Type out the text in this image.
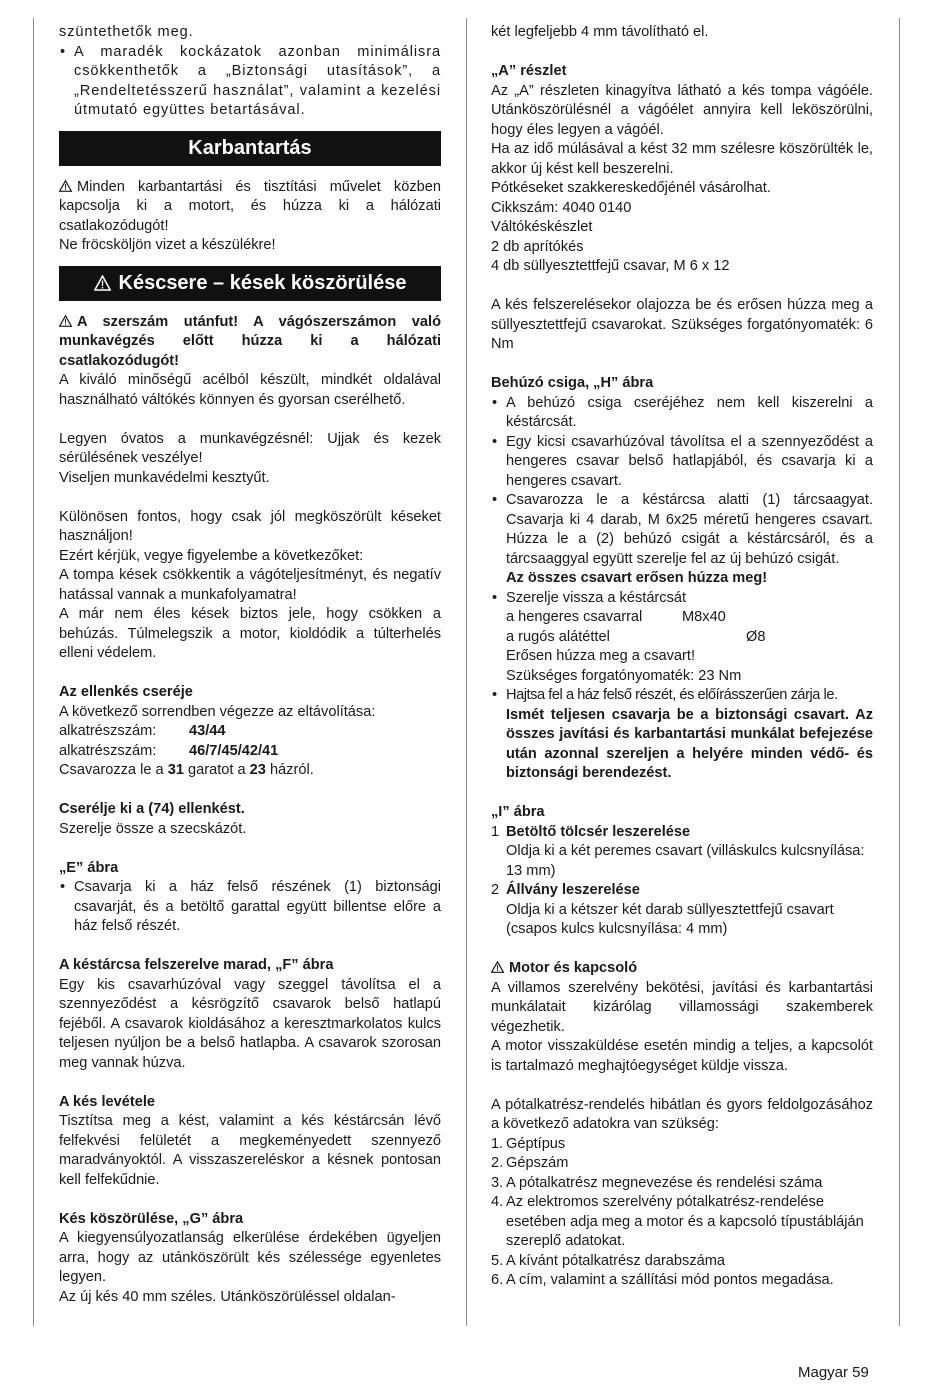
szüntethetők meg.

• A maradék kockázatok azonban minimálisra csökkenthetők a „Biztonsági utasítások”, a „Rendeltetésszerű használat”, valamint a kezelési útmutató együttes betartásával.
Karbantartás

Minden karbantartási és tisztítási művelet közben kapcsolja ki a motort, és húzza ki a hálózati csatlakozódugót!

Ne fröcsköljön vizet a készülékre!

Késcsere – kések köszörülése

A szerszám utánfut! A vágószerszámon való munkavégzés előtt húzza ki a hálózati csatlakozódugót!

A kiváló minőségű acélból készült, mindkét oldalával használható váltókés könnyen és gyorsan cserélhető.

Legyen óvatos a munkavégzésnél: Ujjak és kezek sérülésének veszélye!

Viseljen munkavédelmi kesztyűt.

Különösen fontos, hogy csak jól megköszörült késeket használjon!

Ezért kérjük, vegye figyelembe a következőket:

A tompa kések csökkentik a vágóteljesítményt, és negatív hatással vannak a munkafolyamatra!

A már nem éles kések biztos jele, hogy csökken a behúzás. Túlmelegszik a motor, kioldódik a túlterhelés elleni védelem.

Az ellenkés cseréje

A következő sorrendben végezze az eltávolítása:

alkatrészszám:	43/44
alkatrészszám:	46/7/45/42/41

Csavarozza le a 31 garatot a 23 házról.

Cserélje ki a (74) ellenkést.

Szerelje össze a szecskázót.

„E” ábra

• Csavarja ki a ház felső részének (1) biztonsági csavarját, és a betöltő garattal együtt billentse előre a ház felső részét.

A késtárcsa felszerelve marad, „F” ábra

Egy kis csavarhúzóval vagy szeggel távolítsa el a szennyeződést a késrögzítő csavarok belső hatlapú fejéből. A csavarok kioldásához a keresztmarkolatos kulcs teljesen nyúljon be a belső hatlapba. A csavarok szorosan meg vannak húzva.

A kés levétele

Tisztítsa meg a kést, valamint a kés késtárcsán lévő felfekvési felületét a megkeményedett szennyező maradványoktól. A visszaszereléskor a késnek pontosan kell felfekűdnie.

Kés köszörülése, „G” ábra

A kiegyensúlyozatlanság elkerülése érdekében ügyeljen arra, hogy az utánköszörült kés szélessége egyenletes legyen.

Az új kés 40 mm széles. Utánköszörüléssel oldalan-

két legfeljebb 4 mm távolítható el.

„A” részlet

Az „A” részleten kinagyítva látható a kés tompa vágóéle. Utánköszörülésnél a vágóélet annyira kell leköszörülni, hogy éles legyen a vágóél.

Ha az idő múlásával a kést 32 mm szélesre köszörülték le, akkor új kést kell beszerelni.

Pótkéseket szakkereskedőjénél vásárolhat.

Cikkszám: 4040 0140

Váltókéskészlet

2 db aprítókés

4 db süllyesztettfejű csavar, M 6 x 12

A kés felszerelésekor olajozza be és erősen húzza meg a süllyesztettfejű csavarokat. Szükséges forgatónyomaték: 6 Nm

Behúzó csiga, „H” ábra

• A behúzó csiga cseréjéhez nem kell kiszerelni a késtárcsát.
• Egy kicsi csavarhúzóval távolítsa el a szennyeződést a hengeres csavar belső hatlapjából, és csavarja ki a hengeres csavart.
• Csavarozza le a késtárcsa alatti (1) tárcsaagyat. Csavarja ki 4 darab, M 6x25 méretű hengeres csavart. Húzza le a (2) behúzó csigát a késtárcsáról, és a tárcsaaggyal együtt szerelje fel az új behúzó csigát.
Az összes csavart erősen húzza meg!
• Szerelje vissza a késtárcsát
a hengeres csavarral	M8x40
a rugós alátéttel	Ø8
Erősen húzza meg a csavart!
Szükséges forgatónyomaték: 23 Nm
• Hajtsa fel a ház felső részét, és előírásszerűen zárja le.
Ismét teljesen csavarja be a biztonsági csavart. Az összes javítási és karbantartási munkálat befejezése után azonnal szereljen a helyére minden védő- és biztonsági berendezést.

„I” ábra

1 Betöltő tölcsér leszerelése
Oldja ki a két peremes csavart (villáskulcs kulcsnyílása: 13 mm)
2 Állvány leszerelése
Oldja ki a kétszer két darab süllyesztettfejű csavart (csapos kulcs kulcsnyílása: 4 mm)

Motor és kapcsoló

A villamos szerelvény bekötési, javítási és karbantartási munkálatait kizárólag villamossági szakemberek végezhetik.

A motor visszaküldése esetén mindig a teljes, a kapcsolót is tartalmazó meghajtóegységet küldje vissza.

A pótalkatrész-rendelés hibátlan és gyors feldolgozásához a következő adatokra van szükség:

1. Géptípus
2. Gépszám
3. A pótalkatrész megnevezése és rendelési száma
4. Az elektromos szerelvény pótalkatrész-rendelése esetében adja meg a motor és a kapcsoló típustábláján szereplő adatokat.
5. A kívánt pótalkatrész darabszáma
6. A cím, valamint a szállítási mód pontos megadása.
Magyar 59
